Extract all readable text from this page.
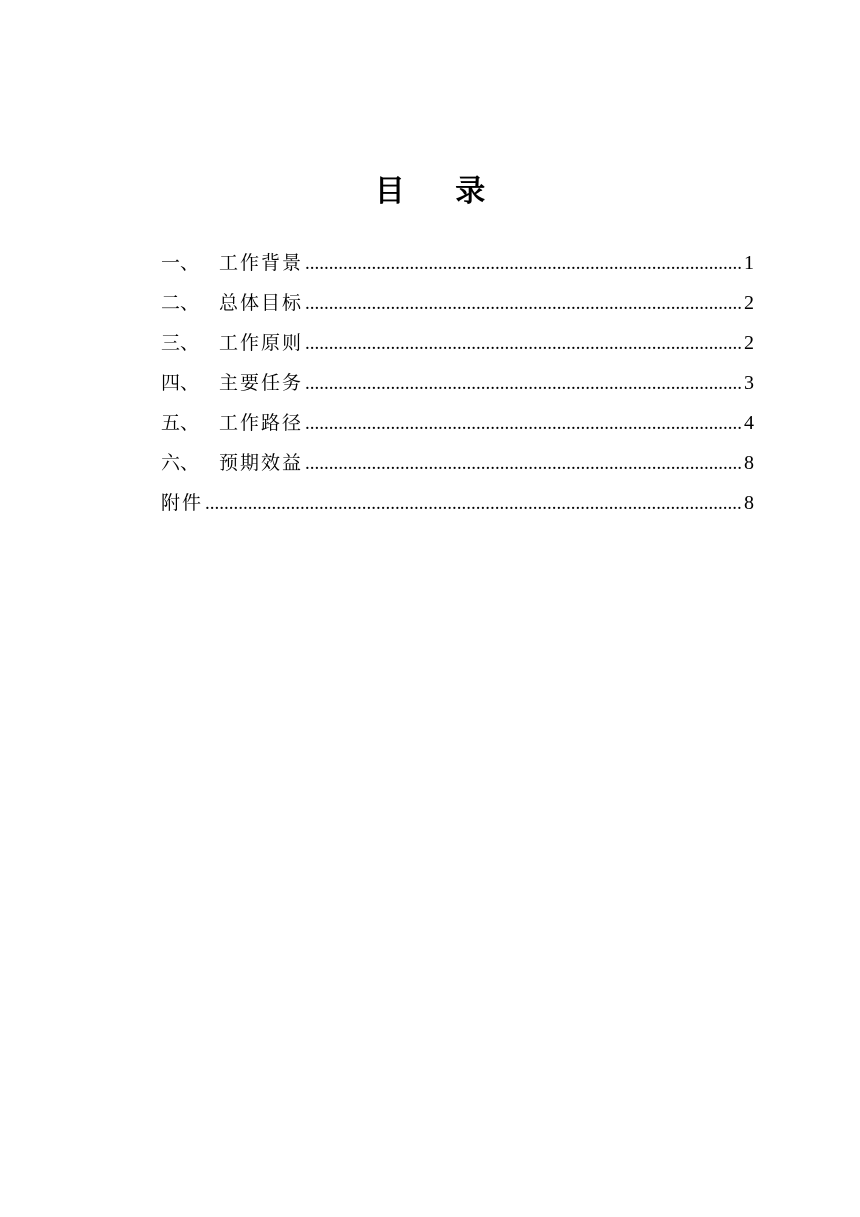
目 录
一、	工作背景 .....	1
二、	总体目标 .....	2
三、	工作原则 .....	2
四、	主要任务 .....	3
五、	工作路径 .....	4
六、	预期效益 .....	8
附件 .....	8
